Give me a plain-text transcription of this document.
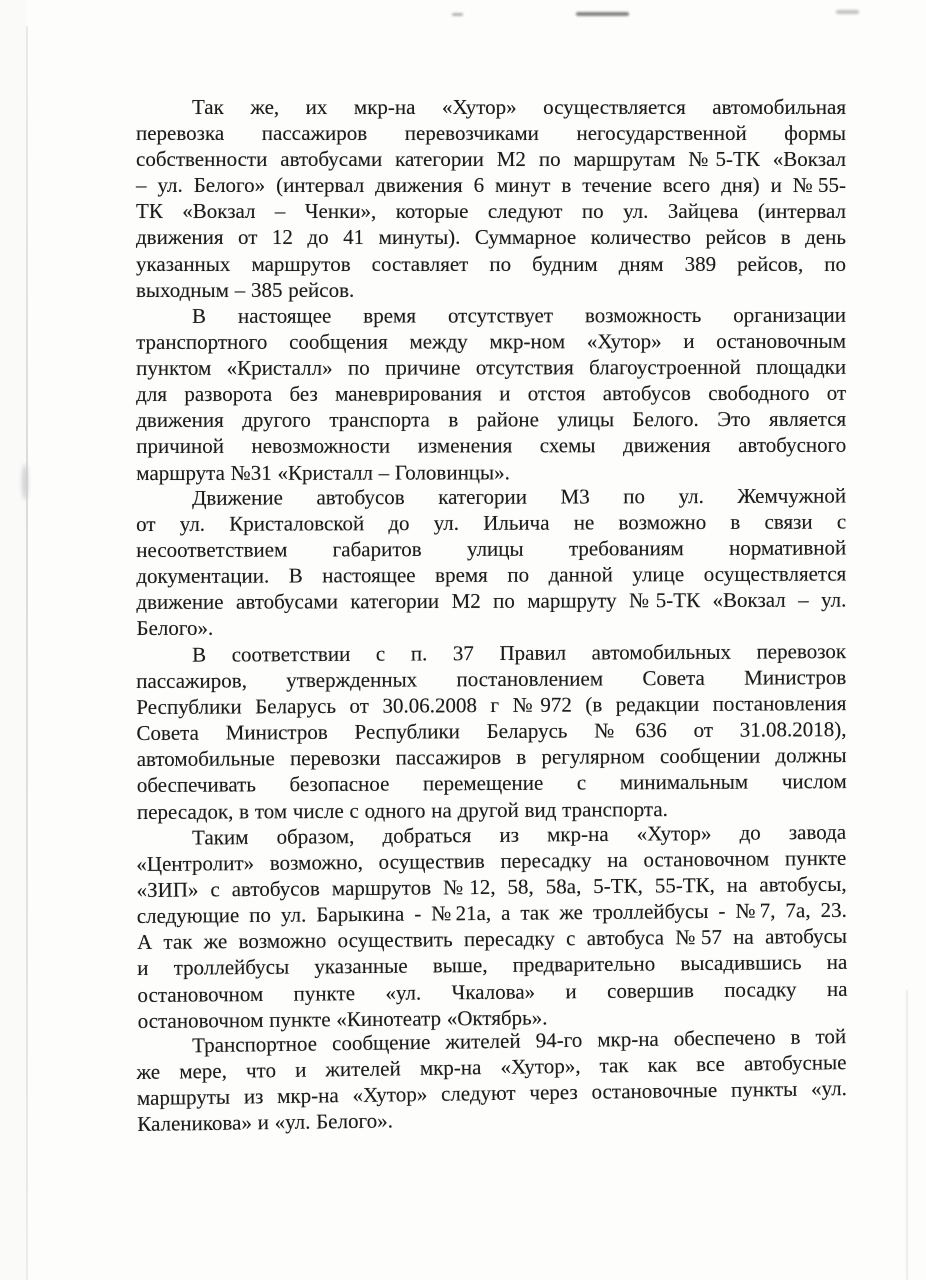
Так же, их мкр-на «Хутор» осуществляется автомобильная
перевозка пассажиров перевозчиками негосударственной формы
собственности автобусами категории М2 по маршрутам №5-ТК «Вокзал
– ул. Белого» (интервал движения 6 минут в течение всего дня) и №55-
ТК «Вокзал – Ченки», которые следуют по ул. Зайцева (интервал
движения от 12 до 41 минуты). Суммарное количество рейсов в день
указанных маршрутов составляет по будним дням 389 рейсов, по
выходным – 385 рейсов.
В настоящее время отсутствует возможность организации
транспортного сообщения между мкр-ном «Хутор» и остановочным
пунктом «Кристалл» по причине отсутствия благоустроенной площадки
для разворота без маневрирования и отстоя автобусов свободного от
движения другого транспорта в районе улицы Белого. Это является
причиной невозможности изменения схемы движения автобусного
маршрута №31 «Кристалл – Головинцы».
Движение автобусов категории М3 по ул. Жемчужной
от ул. Кристаловской до ул. Ильича не возможно в связи с
несоответствием габаритов улицы требованиям нормативной
документации. В настоящее время по данной улице осуществляется
движение автобусами категории М2 по маршруту №5-ТК «Вокзал – ул.
Белого».
В соответствии с п. 37 Правил автомобильных перевозок
пассажиров, утвержденных постановлением Совета Министров
Республики Беларусь от 30.06.2008 г №972 (в редакции постановления
Совета Министров Республики Беларусь №636 от 31.08.2018),
автомобильные перевозки пассажиров в регулярном сообщении должны
обеспечивать безопасное перемещение с минимальным числом
пересадок, в том числе с одного на другой вид транспорта.
Таким образом, добраться из мкр-на «Хутор» до завода
«Центролит» возможно, осуществив пересадку на остановочном пункте
«ЗИП» с автобусов маршрутов №12, 58, 58а, 5-ТК, 55-ТК, на автобусы,
следующие по ул. Барыкина - №21а, а так же троллейбусы - №7, 7а, 23.
А так же возможно осуществить пересадку с автобуса №57 на автобусы
и троллейбусы указанные выше, предварительно высадившись на
остановочном пункте «ул. Чкалова» и совершив посадку на
остановочном пункте «Кинотеатр «Октябрь».
Транспортное сообщение жителей 94-го мкр-на обеспечено в той
же мере, что и жителей мкр-на «Хутор», так как все автобусные
маршруты из мкр-на «Хутор» следуют через остановочные пункты «ул.
Каленикова» и «ул. Белого».
